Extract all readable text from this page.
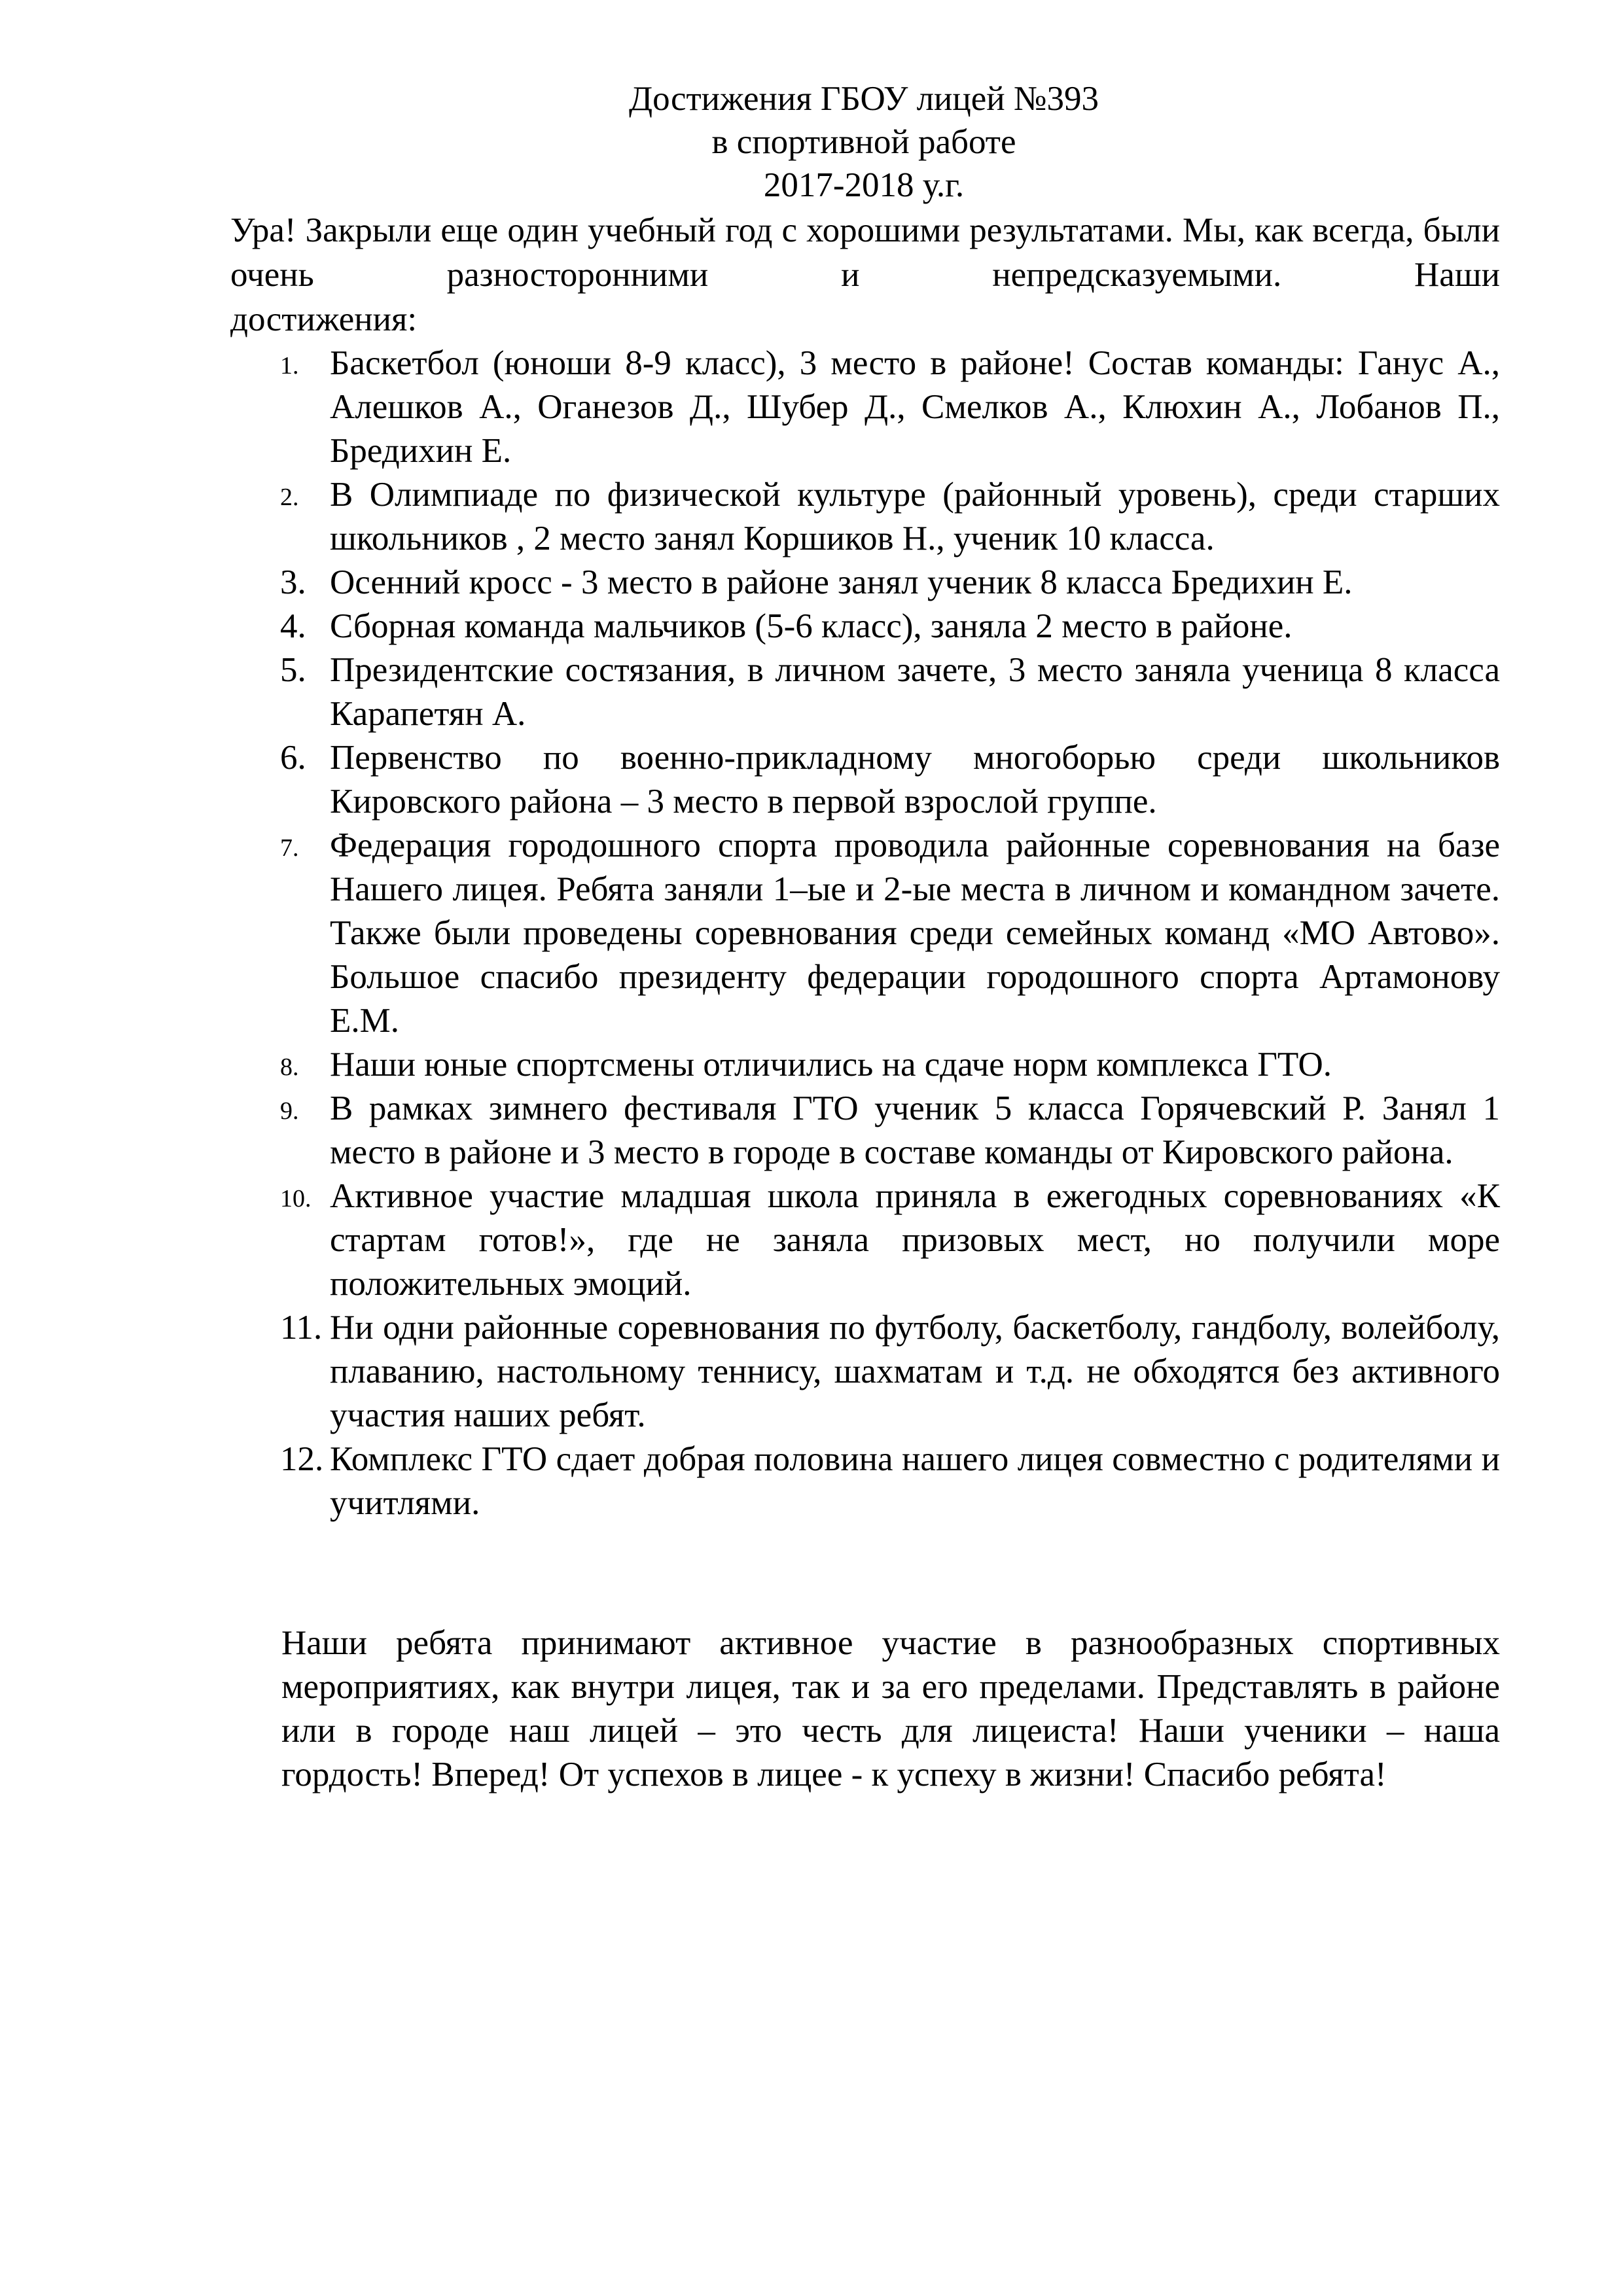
Достижения ГБОУ лицей №393
в спортивной работе
2017-2018 у.г.
Ура! Закрыли еще один учебный год с хорошими результатами. Мы, как всегда, были очень разносторонними и непредсказуемыми. Наши
достижения:
1. Баскетбол (юноши 8-9 класс), 3 место в районе! Состав команды: Ганус А., Алешков А., Оганезов Д., Шубер Д., Смелков А., Клюхин А., Лобанов П., Бредихин Е.
2. В Олимпиаде по физической культуре (районный уровень), среди старших школьников , 2 место занял Коршиков Н., ученик 10 класса.
3. Осенний кросс - 3 место в районе занял ученик 8 класса Бредихин Е.
4. Сборная команда мальчиков (5-6 класс), заняла 2 место в районе.
5. Президентские состязания, в личном зачете, 3 место заняла ученица 8 класса Карапетян А.
6. Первенство по военно-прикладному многоборью среди школьников Кировского района – 3 место в первой взрослой группе.
7. Федерация городошного спорта проводила районные соревнования на базе Нашего лицея. Ребята заняли 1–ые и 2-ые места в личном и командном зачете. Также были проведены соревнования среди семейных команд «МО Автово». Большое спасибо президенту федерации городошного спорта Артамонову Е.М.
8. Наши юные спортсмены отличились на сдаче норм комплекса ГТО.
9. В рамках зимнего фестиваля ГТО ученик 5 класса Горячевский Р. Занял 1 место в районе и 3 место в городе в составе команды от Кировского района.
10. Активное участие младшая школа приняла в ежегодных соревнованиях «К стартам готов!», где не заняла призовых мест, но получили море положительных эмоций.
11. Ни одни районные соревнования по футболу, баскетболу, гандболу, волейболу, плаванию, настольному теннису, шахматам и т.д. не обходятся без активного участия наших ребят.
12. Комплекс ГТО сдает добрая половина нашего лицея совместно с родителями и учитлями.
Наши ребята принимают активное участие в разнообразных спортивных мероприятиях, как внутри лицея, так и за его пределами. Представлять в районе или в городе наш лицей – это честь для лицеиста! Наши ученики – наша гордость! Вперед! От успехов в лицее - к успеху в жизни! Спасибо ребята!
